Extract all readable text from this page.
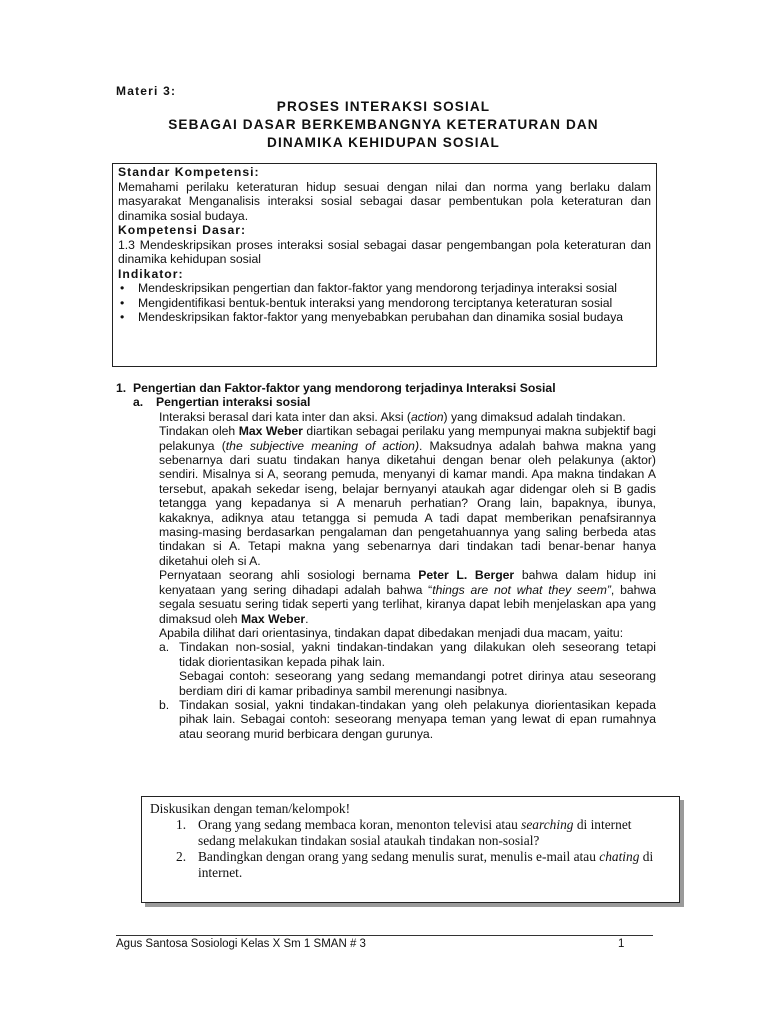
Materi 3:
PROSES INTERAKSI SOSIAL
SEBAGAI DASAR BERKEMBANGNYA KETERATURAN DAN
DINAMIKA KEHIDUPAN SOSIAL
Standar Kompetensi:
Memahami perilaku keteraturan hidup sesuai dengan nilai dan norma yang berlaku dalam masyarakat Menganalisis interaksi sosial sebagai dasar pembentukan pola keteraturan dan dinamika sosial budaya.
Kompetensi Dasar:
1.3 Mendeskripsikan proses interaksi sosial sebagai dasar pengembangan pola keteraturan dan dinamika kehidupan sosial
Indikator:
• Mendeskripsikan pengertian dan faktor-faktor yang mendorong terjadinya interaksi sosial
• Mengidentifikasi bentuk-bentuk interaksi yang mendorong terciptanya keteraturan sosial
• Mendeskripsikan faktor-faktor yang menyebabkan perubahan dan dinamika sosial budaya
1. Pengertian dan Faktor-faktor yang mendorong terjadinya Interaksi Sosial
a. Pengertian interaksi sosial

Interaksi berasal dari kata inter dan aksi. Aksi (action) yang dimaksud adalah tindakan.

Tindakan oleh Max Weber diartikan sebagai perilaku yang mempunyai makna subjektif bagi pelakunya (the subjective meaning of action). Maksudnya adalah bahwa makna yang sebenarnya dari suatu tindakan hanya diketahui dengan benar oleh pelakunya (aktor) sendiri. Misalnya si A, seorang pemuda, menyanyi di kamar mandi. Apa makna tindakan A tersebut, apakah sekedar iseng, belajar bernyanyi ataukah agar didengar oleh si B gadis tetangga yang kepadanya si A menaruh perhatian? Orang lain, bapaknya, ibunya, kakaknya, adiknya atau tetangga si pemuda A tadi dapat memberikan penafsirannya masing-masing berdasarkan pengalaman dan pengetahuannya yang saling berbeda atas tindakan si A. Tetapi makna yang sebenarnya dari tindakan tadi benar-benar hanya diketahui oleh si A.

Pernyataan seorang ahli sosiologi bernama Peter L. Berger bahwa dalam hidup ini kenyataan yang sering dihadapi adalah bahwa “things are not what they seem”, bahwa segala sesuatu sering tidak seperti yang terlihat, kiranya dapat lebih menjelaskan apa yang dimaksud oleh Max Weber.

Apabila dilihat dari orientasinya, tindakan dapat dibedakan menjadi dua macam, yaitu:

a. Tindakan non-sosial, yakni tindakan-tindakan yang dilakukan oleh seseorang tetapi tidak diorientasikan kepada pihak lain.
Sebagai contoh: seseorang yang sedang memandangi potret dirinya atau seseorang berdiam diri di kamar pribadinya sambil merenungi nasibnya.
b. Tindakan sosial, yakni tindakan-tindakan yang oleh pelakunya diorientasikan kepada pihak lain. Sebagai contoh: seseorang menyapa teman yang lewat di epan rumahnya atau seorang murid berbicara dengan gurunya.
Diskusikan dengan teman/kelompok!
1. Orang yang sedang membaca koran, menonton televisi atau searching di internet sedang melakukan tindakan sosial ataukah tindakan non-sosial?
2. Bandingkan dengan orang yang sedang menulis surat, menulis e-mail atau chating di internet.
Agus Santosa Sosiologi Kelas X Sm 1 SMAN # 3	1
